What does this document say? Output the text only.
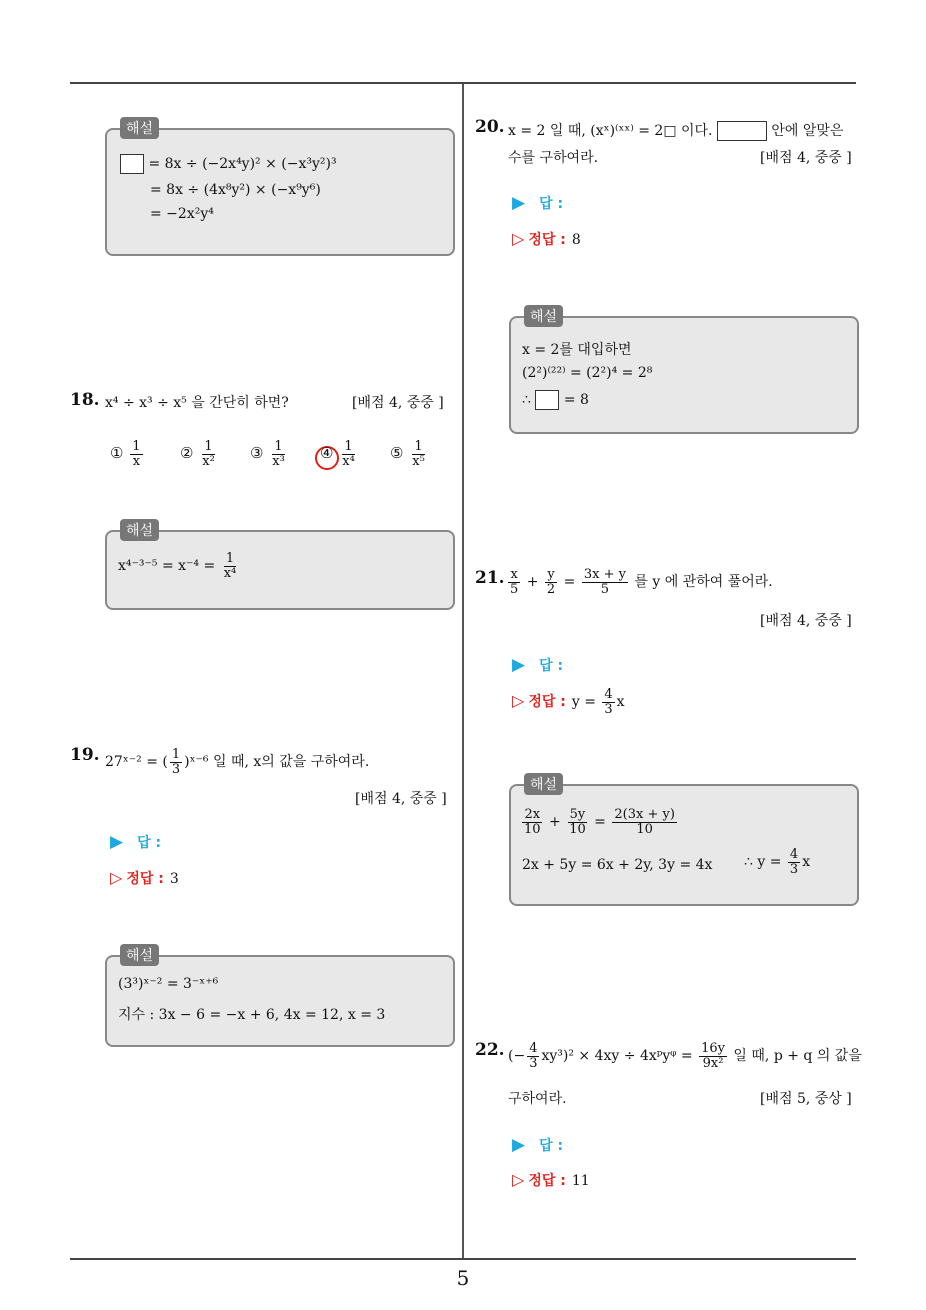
해설
= 8x ÷ (−2x⁴y)² × (−x³y²)³
= 8x ÷ (4x⁸y²) × (−x⁹y⁶)
= −2x²y⁴
18. x⁴ ÷ x³ ÷ x⁵ 을 간단히 하면?	[배점 4, 중중 ]
① $\frac{1}{x}$ ② $\frac{1}{\text{x²}}$ ③ $\frac{1}{\text{x³}}$ ④ $\frac{1}{\text{x⁴}}$ ⑤ $\frac{1}{\text{x⁵}}$
해설
$x^{4-3-5} = x^{-4} = \frac{1}{\text{x⁴}}$
19. 27ˣ⁻² = ( $\frac{1}{3}$ )ˣ⁻⁶ 일 때, x의 값을 구하여라.
[배점 4, 중중 ]
▶ 답 :
▷ 정답 : 3
해설
(3³)ˣ⁻² = 3⁻ˣ⁺⁶
지수 : 3x − 6 = −x + 6, 4x = 12, x = 3
20. x = 2 일 때, (xˣ)⁽ˣˣ⁾ = 2□ 이다.	안에 알맞은
수를 구하여라.	[배점 4, 중중 ]
▶ 답 :
▷ 정답 : 8
해설
x = 2를 대입하면
(2²)⁽²²⁾ = (2²)⁴ = 2⁸
∴ = 8
21. $\frac{x}{5} + \frac{y}{2} = \frac{3x + y}{5}$ 를 y 에 관하여 풀어라.
[배점 4, 중중 ]
▶ 답 :
▷ 정답 : $y = \frac{4}{3}$ x
해설
$\frac{2x}{10} + \frac{5y}{10} = \frac{2(3x + y)}{10}$
2x + 5y = 6x + 2y, 3y = 4x ∴ $y = \frac{4}{3}$ x
22. (− $\frac{4}{3} xy^3)^2 \times 4xy$ ÷ 4xᵖyᵠ = $\frac{16y}{\text{9x²}}$ 일 때, p + q 의 값을
구하여라.	[배점 5, 중상 ]
▶ 답 :
▷ 정답 : 11
5
